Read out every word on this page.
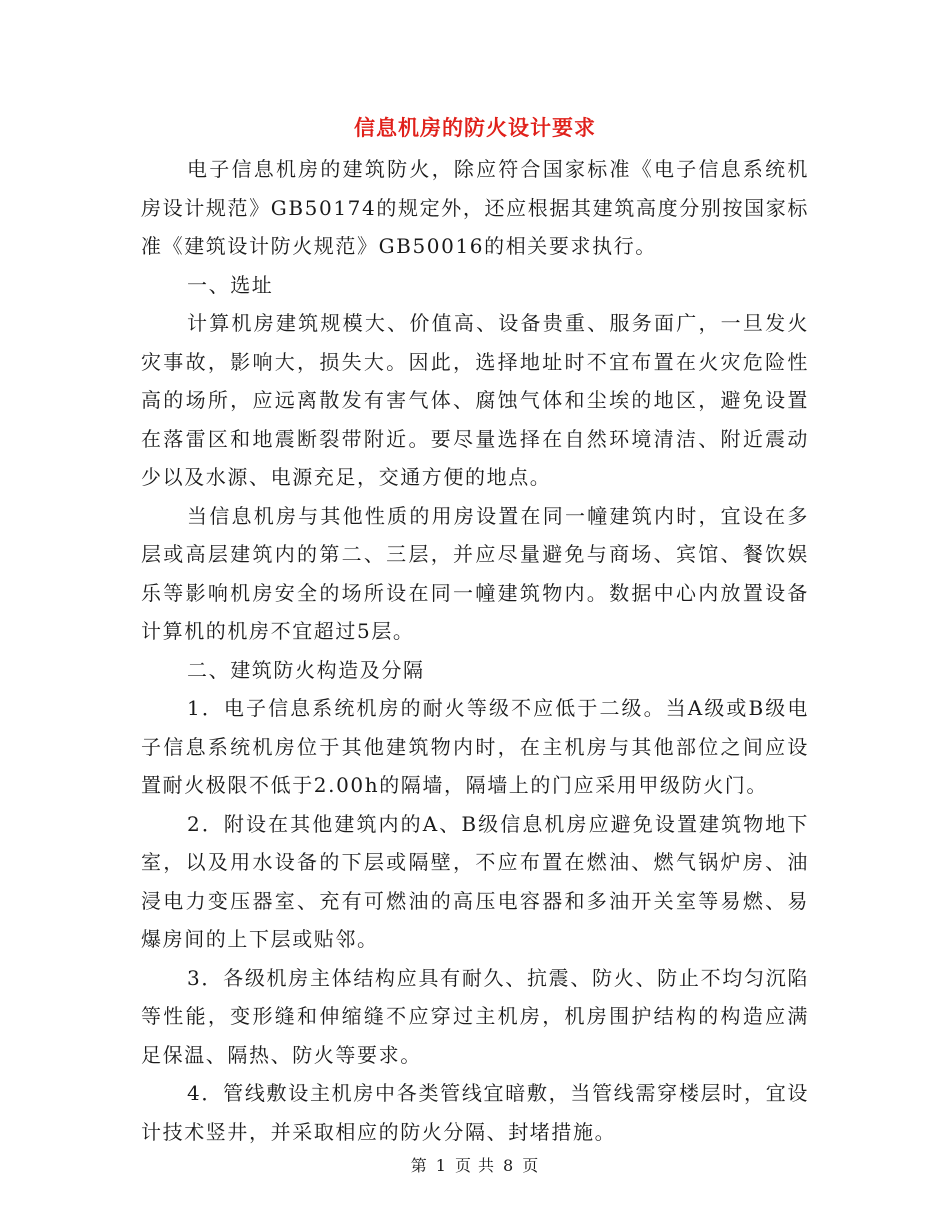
信息机房的防火设计要求

电子信息机房的建筑防火，除应符合国家标准《电子信息系统机房设计规范》GB50174的规定外，还应根据其建筑高度分别按国家标准《建筑设计防火规范》GB50016的相关要求执行。

一、选址

计算机房建筑规模大、价值高、设备贵重、服务面广，一旦发火灾事故，影响大，损失大。因此，选择地址时不宜布置在火灾危险性高的场所，应远离散发有害气体、腐蚀气体和尘埃的地区，避免设置在落雷区和地震断裂带附近。要尽量选择在自然环境清洁、附近震动少以及水源、电源充足，交通方便的地点。

当信息机房与其他性质的用房设置在同一幢建筑内时，宜设在多层或高层建筑内的第二、三层，并应尽量避免与商场、宾馆、餐饮娱乐等影响机房安全的场所设在同一幢建筑物内。数据中心内放置设备计算机的机房不宜超过5层。

二、建筑防火构造及分隔

1．电子信息系统机房的耐火等级不应低于二级。当A级或B级电子信息系统机房位于其他建筑物内时，在主机房与其他部位之间应设置耐火极限不低于2.00h的隔墙，隔墙上的门应采用甲级防火门。

2．附设在其他建筑内的A、B级信息机房应避免设置建筑物地下室，以及用水设备的下层或隔壁，不应布置在燃油、燃气锅炉房、油浸电力变压器室、充有可燃油的高压电容器和多油开关室等易燃、易爆房间的上下层或贴邻。

3．各级机房主体结构应具有耐久、抗震、防火、防止不均匀沉陷等性能，变形缝和伸缩缝不应穿过主机房，机房围护结构的构造应满足保温、隔热、防火等要求。

4．管线敷设主机房中各类管线宜暗敷，当管线需穿楼层时，宜设计技术竖井，并采取相应的防火分隔、封堵措施。

第 1 页 共 8 页
